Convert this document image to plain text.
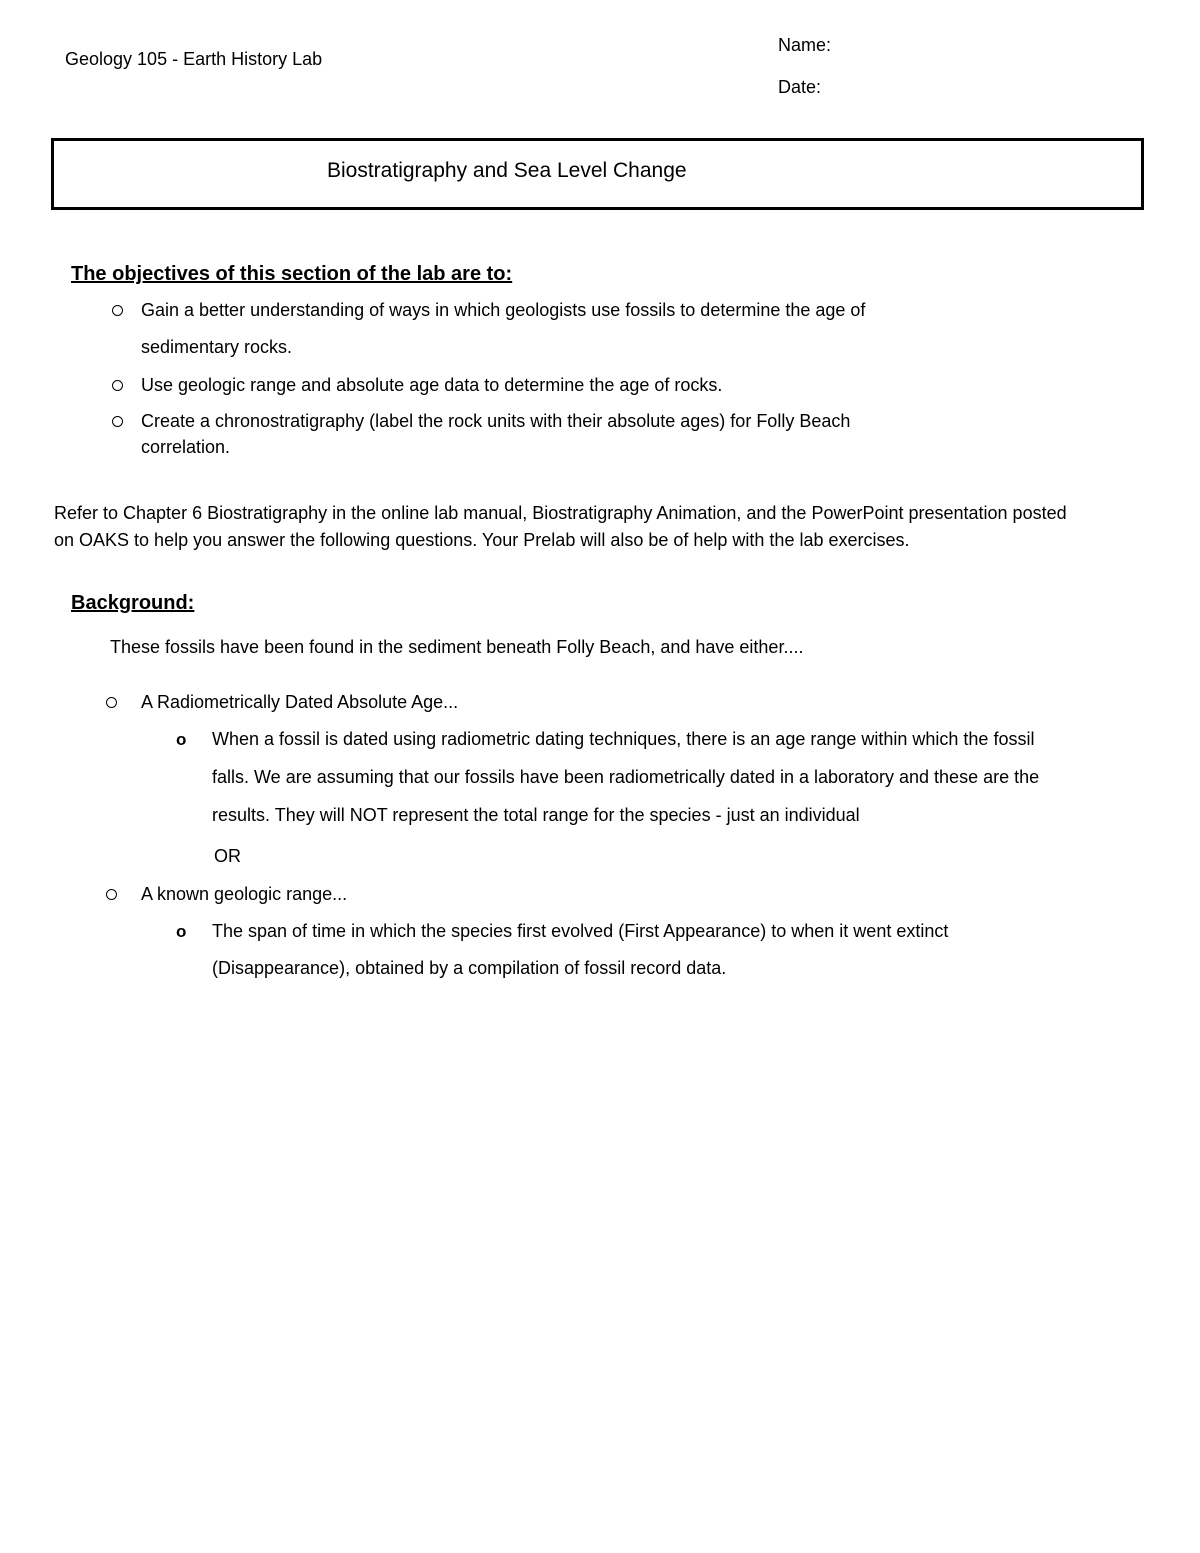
Geology 105 - Earth History Lab
Name:
Date:
Biostratigraphy and Sea Level Change
The objectives of this section of the lab are to:
Gain a better understanding of ways in which geologists use fossils to determine the age of
sedimentary rocks.
Use geologic range and absolute age data to determine the age of rocks.
Create a chronostratigraphy (label the rock units with their absolute ages) for Folly Beach
correlation.
Refer to Chapter 6 Biostratigraphy in the online lab manual, Biostratigraphy Animation, and the PowerPoint presentation posted
on OAKS to help you answer the following questions. Your Prelab will also be of help with the lab exercises.
Background:
These fossils have been found in the sediment beneath Folly Beach, and have either....
A Radiometrically Dated Absolute Age...
o When a fossil is dated using radiometric dating techniques, there is an age range within which the fossil
falls. We are assuming that our fossils have been radiometrically dated in a laboratory and these are the
results. They will NOT represent the total range for the species - just an individual
OR
A known geologic range...
o The span of time in which the species first evolved (First Appearance) to when it went extinct
(Disappearance), obtained by a compilation of fossil record data.
